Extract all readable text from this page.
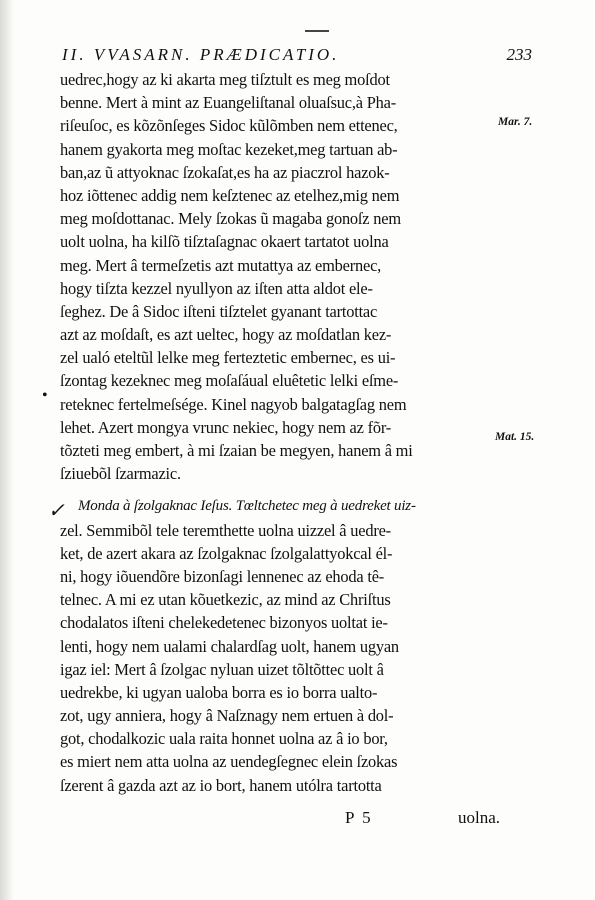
II. VVASARN. PRÆDICATIO.	233
Mar. 7.
Mat. 15.
•
✓
uedrec,hogy az ki akarta meg tiſztult es meg moſdot
benne. Mert à mint az Euangeliſtanal oluaſsuc,à Pha-
riſeuſoc, es kõzõnſeges Sidoc kũlõmben nem ettenec,
hanem gyakorta meg moſtac kezeket,meg tartuan ab-
ban,az ũ attyoknac ſzokaſat,es ha az piaczrol hazok-
hoz iõttenec addig nem keſztenec az etelhez,mig nem
meg moſdottanac. Mely ſzokas ũ magaba gonoſz nem
uolt uolna, ha kilſõ tiſztaſagnac okaert tartatot uolna
meg. Mert â termeſzetis azt mutattya az embernec,
hogy tiſzta kezzel nyullyon az iſten atta aldot ele-
ſeghez. De â Sidoc iſteni tiſztelet gyanant tartottac
azt az moſdaſt, es azt ueltec, hogy az moſdatlan kez-
zel ualó eteltũl lelke meg ferteztetic embernec, es ui-
ſzontag kezeknec meg moſaſáual eluêtetic lelki eſme-
reteknec fertelmeſsége. Kinel nagyob balgatagſag nem
lehet. Azert mongya vrunc nekiec, hogy nem az fõr-
tõzteti meg embert, à mi ſzaian be megyen, hanem â mi
ſziuebõl ſzarmazic.
Monda à ſzolgaknac Ieſus. Tœltchetec meg à uedreket uiz-
zel. Semmibõl tele teremthette uolna uizzel â uedre-
ket, de azert akara az ſzolgaknac ſzolgalattyokcal él-
ni, hogy iõuendõre bizonſagi lennenec az ehoda tê-
telnec. A mi ez utan kõuetkezic, az mind az Chriſtus
chodalatos iſteni chelekedetenec bizonyos uoltat ie-
lenti, hogy nem ualami chalardſag uolt, hanem ugyan
igaz iel: Mert â ſzolgac nyluan uizet tõltõttec uolt â
uedrekbe, ki ugyan ualoba borra es io borra ualto-
zot, ugy anniera, hogy â Naſznagy nem ertuen à dol-
got, chodalkozic uala raita honnet uolna az â io bor,
es miert nem atta uolna az uendegſegnec elein ſzokas
ſzerent â gazda azt az io bort, hanem utólra tartotta
P 5	uolna.
